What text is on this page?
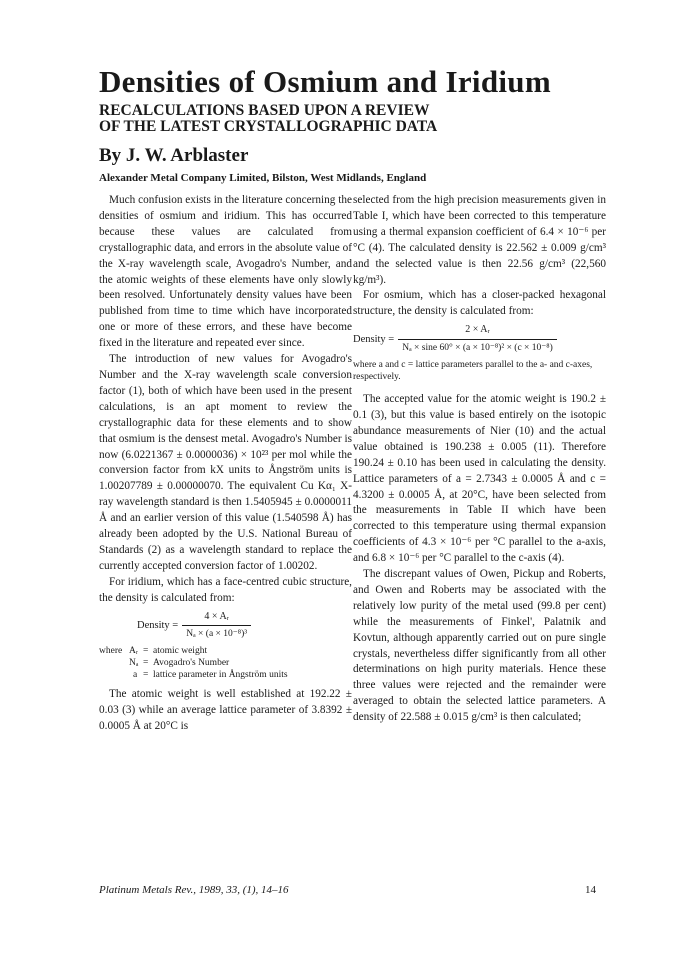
Densities of Osmium and Iridium
RECALCULATIONS BASED UPON A REVIEW
OF THE LATEST CRYSTALLOGRAPHIC DATA
By J. W. Arblaster
Alexander Metal Company Limited, Bilston, West Midlands, England

Much confusion exists in the literature concerning the densities of osmium and iridium. This has occurred because these values are calculated from crystallographic data, and errors in the absolute value of the X-ray wavelength scale, Avogadro's Number, and the atomic weights of these elements have only slowly been resolved. Unfortunately density values have been published from time to time which have incorporated one or more of these errors, and these have become fixed in the literature and repeated ever since.

The introduction of new values for Avogadro's Number and the X-ray wavelength scale conversion factor (1), both of which have been used in the present calculations, is an apt moment to review the crystallographic data for these elements and to show that osmium is the densest metal. Avogadro's Number is now (6.0221367 ± 0.0000036) × 10²³ per mol while the conversion factor from kX units to Ångström units is 1.00207789 ± 0.00000070. The equivalent Cu Kα₁ X-ray wavelength standard is then 1.5405945 ± 0.0000011 Å and an earlier version of this value (1.540598 Å) has already been adopted by the U.S. National Bureau of Standards (2) as a wavelength standard to replace the currently accepted conversion factor of 1.00202.

For iridium, which has a face-centred cubic structure, the density is calculated from:

Density = $\frac{\text{4 × Aᵣ}}{\text{Nₐ × (a × 10⁻⁸)³}}$
where Aᵣ = atomic weight
Nₐ = Avogadro's Number
a = lattice parameter in Ångström units

The atomic weight is well established at 192.22 ± 0.03 (3) while an average lattice parameter of 3.8392 ± 0.0005 Å at 20°C is

selected from the high precision measurements given in Table I, which have been corrected to this temperature using a thermal expansion coefficient of 6.4 × 10⁻⁶ per °C (4). The calculated density is 22.562 ± 0.009 g/cm³ and the selected value is then 22.56 g/cm³ (22,560 kg/m³).

For osmium, which has a closer-packed hexagonal structure, the density is calculated from:

Density = $\frac{\text{2 × Aᵣ}}{\text{Nₐ × sine 60° × (a × 10⁻⁸)² × (c × 10⁻⁸)}}$
where a and c = lattice parameters parallel to the a- and c-axes, respectively.

The accepted value for the atomic weight is 190.2 ± 0.1 (3), but this value is based entirely on the isotopic abundance measurements of Nier (10) and the actual value obtained is 190.238 ± 0.005 (11). Therefore 190.24 ± 0.10 has been used in calculating the density. Lattice parameters of a = 2.7343 ± 0.0005 Å and c = 4.3200 ± 0.0005 Å, at 20°C, have been selected from the measurements in Table II which have been corrected to this temperature using thermal expansion coefficients of 4.3 × 10⁻⁶ per °C parallel to the a-axis, and 6.8 × 10⁻⁶ per °C parallel to the c-axis (4).

The discrepant values of Owen, Pickup and Roberts, and Owen and Roberts may be associated with the relatively low purity of the metal used (99.8 per cent) while the measurements of Finkel', Palatnik and Kovtun, although apparently carried out on pure single crystals, nevertheless differ significantly from all other determinations on high purity materials. Hence these three values were rejected and the remainder were averaged to obtain the selected lattice parameters. A density of 22.588 ± 0.015 g/cm³ is then calculated;

Platinum Metals Rev., 1989, 33, (1), 14–16	14
